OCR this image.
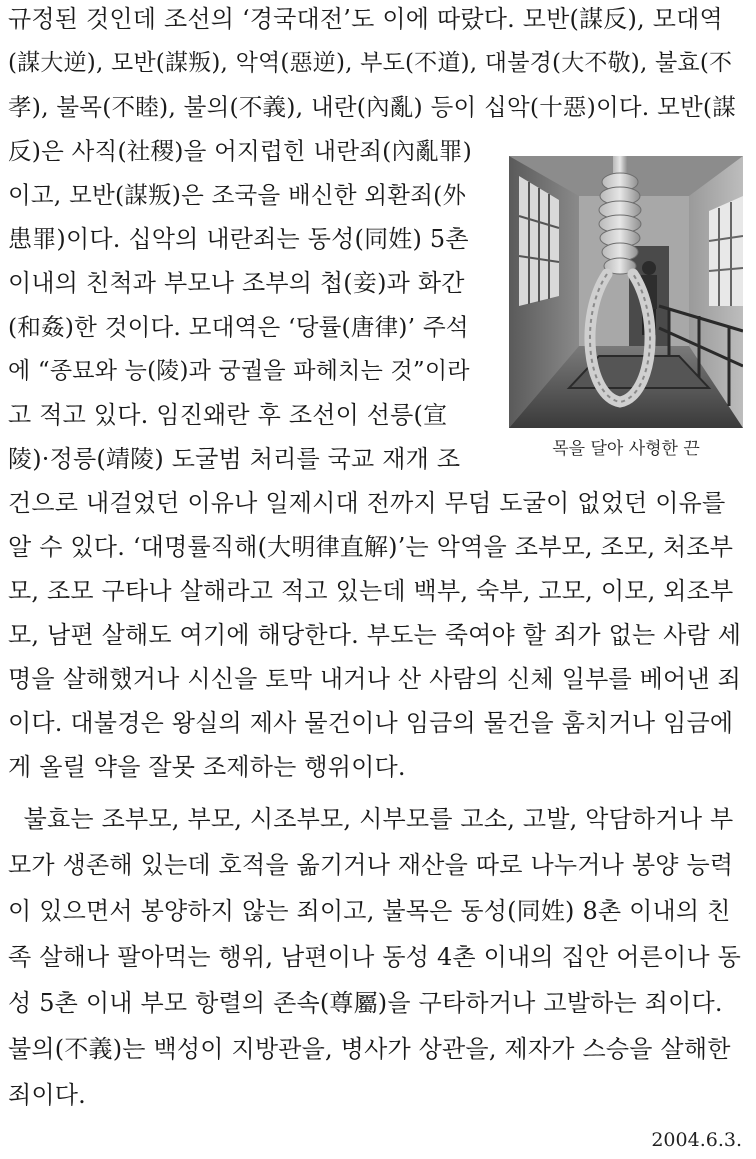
규정된 것인데 조선의 ‘경국대전’도 이에 따랐다. 모반(謀反), 모대역
(謀大逆), 모반(謀叛), 악역(惡逆), 부도(不道), 대불경(大不敬), 불효(不
孝), 불목(不睦), 불의(不義), 내란(內亂) 등이 십악(十惡)이다. 모반(謀
反)은 사직(社稷)을 어지럽힌 내란죄(內亂罪)
이고, 모반(謀叛)은 조국을 배신한 외환죄(外
患罪)이다. 십악의 내란죄는 동성(同姓) 5촌
이내의 친척과 부모나 조부의 첩(妾)과 화간
(和姦)한 것이다. 모대역은 ‘당률(唐律)’ 주석
에 “종묘와 능(陵)과 궁궐을 파헤치는 것”이라
고 적고 있다. 임진왜란 후 조선이 선릉(宣
陵)·정릉(靖陵) 도굴범 처리를 국교 재개 조
건으로 내걸었던 이유나 일제시대 전까지 무덤 도굴이 없었던 이유를
알 수 있다. ‘대명률직해(大明律直解)’는 악역을 조부모, 조모, 처조부
모, 조모 구타나 살해라고 적고 있는데 백부, 숙부, 고모, 이모, 외조부
모, 남편 살해도 여기에 해당한다. 부도는 죽여야 할 죄가 없는 사람 세
명을 살해했거나 시신을 토막 내거나 산 사람의 신체 일부를 베어낸 죄
이다. 대불경은 왕실의 제사 물건이나 임금의 물건을 훔치거나 임금에
게 올릴 약을 잘못 조제하는 행위이다.
불효는 조부모, 부모, 시조부모, 시부모를 고소, 고발, 악담하거나 부
모가 생존해 있는데 호적을 옮기거나 재산을 따로 나누거나 봉양 능력
이 있으면서 봉양하지 않는 죄이고, 불목은 동성(同姓) 8촌 이내의 친
족 살해나 팔아먹는 행위, 남편이나 동성 4촌 이내의 집안 어른이나 동
성 5촌 이내 부모 항렬의 존속(尊屬)을 구타하거나 고발하는 죄이다.
불의(不義)는 백성이 지방관을, 병사가 상관을, 제자가 스승을 살해한
죄이다.
목을 달아 사형한 끈
2004.6.3.
